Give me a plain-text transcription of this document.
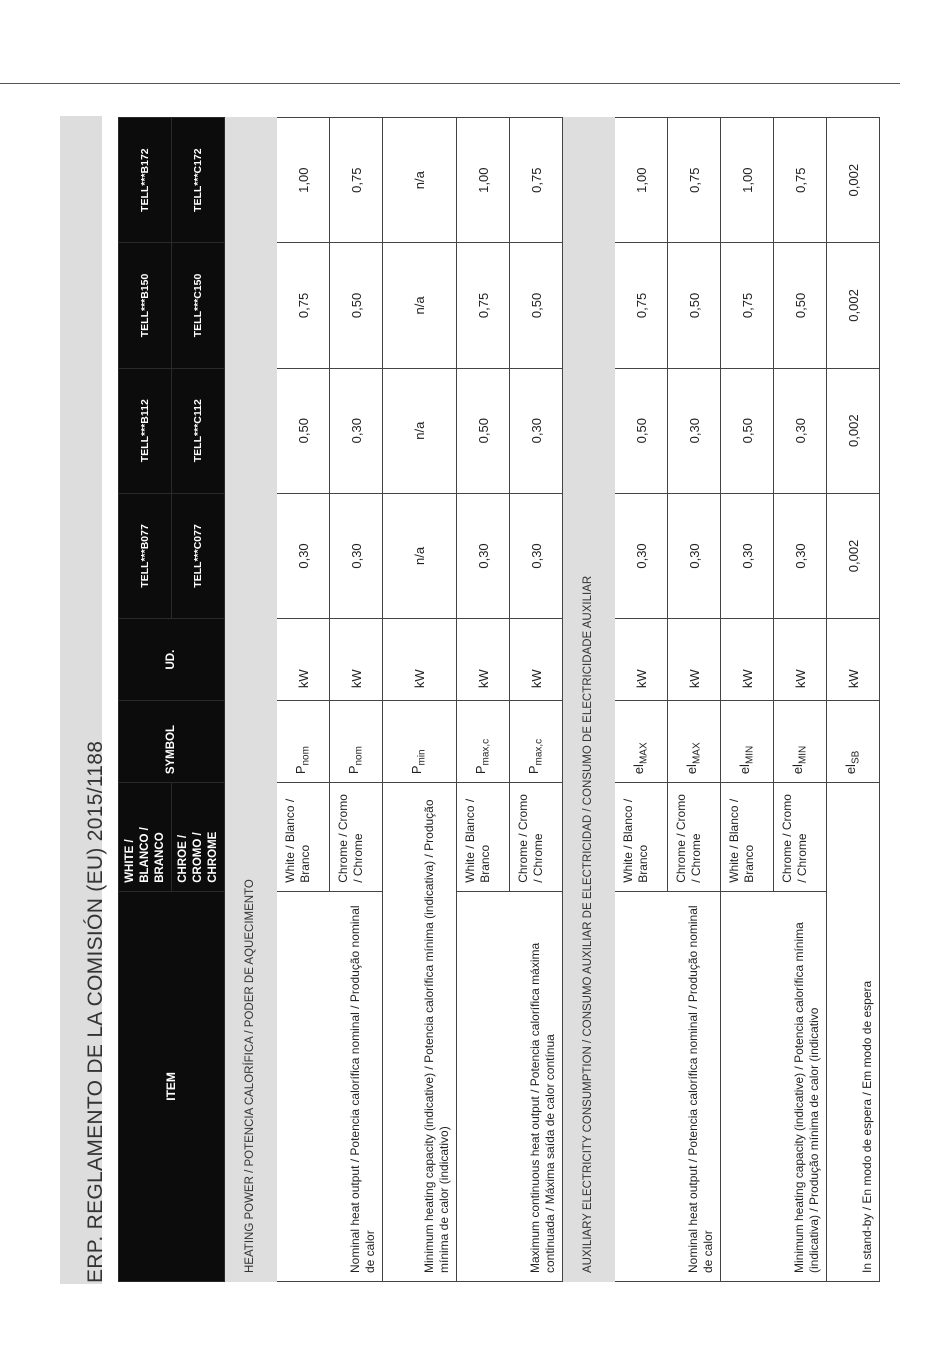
ERP. REGLAMENTO DE LA COMISIÓN (EU) 2015/1188	ITEM	WHITE / BLANCO / BRANCO	SYMBOL	UD.	TELL***B077	TELL***B112	TELL***B150	TELL***B172
	CHROE / CROMO / CHROME			TELL***C077	TELL***C112	TELL***C150	TELL***C172
HEATING POWER / POTENCIA CALORÍFICA / PODER DE AQUECIMENTO							
Nominal heat output / Potencia calorífica nominal / Produção nominal de calor	White / Blanco / Branco	$P_{nom}$	kW	0,30	0,50	0,75	1,00
	Chrome / Cromo / Chrome	$P_{nom}$	kW	0,30	0,30	0,50	0,75
Minimum heating capacity (indicative) / Potencia calorífica mínima (indicativa) / Produção mínima de calor (indicativo)		$P_{min}$	kW	n/a	n/a	n/a	n/a
Maximum continuous heat output / Potencia calorífica máxima continuada / Máxima saída de calor contínua	White / Blanco / Branco	$P_{max,c}$	kW	0,30	0,50	0,75	1,00
	Chrome / Cromo / Chrome	$P_{max,c}$	kW	0,30	0,30	0,50	0,75
AUXILIARY ELECTRICITY CONSUMPTION / CONSUMO AUXILIAR DE ELECTRICIDAD / CONSUMO DE ELECTRICIDADE AUXILIAR							
Nominal heat output / Potencia calorífica nominal / Produção nominal de calor	White / Blanco / Branco	$el_{MAX}$	kW	0,30	0,50	0,75	1,00
	Chrome / Cromo / Chrome	$el_{MAX}$	kW	0,30	0,30	0,50	0,75
Minimum heating capacity (indicative) / Potencia calorífica mínima (indicativa) / Produção mínima de calor (indicativo	White / Blanco / Branco	$el_{MIN}$	kW	0,30	0,50	0,75	1,00
	Chrome / Cromo / Chrome	$el_{MIN}$	kW	0,30	0,30	0,50	0,75
In stand-by / En modo de espera / Em modo de espera		$el_{SB}$	kW	0,002	0,002	0,002	0,002
